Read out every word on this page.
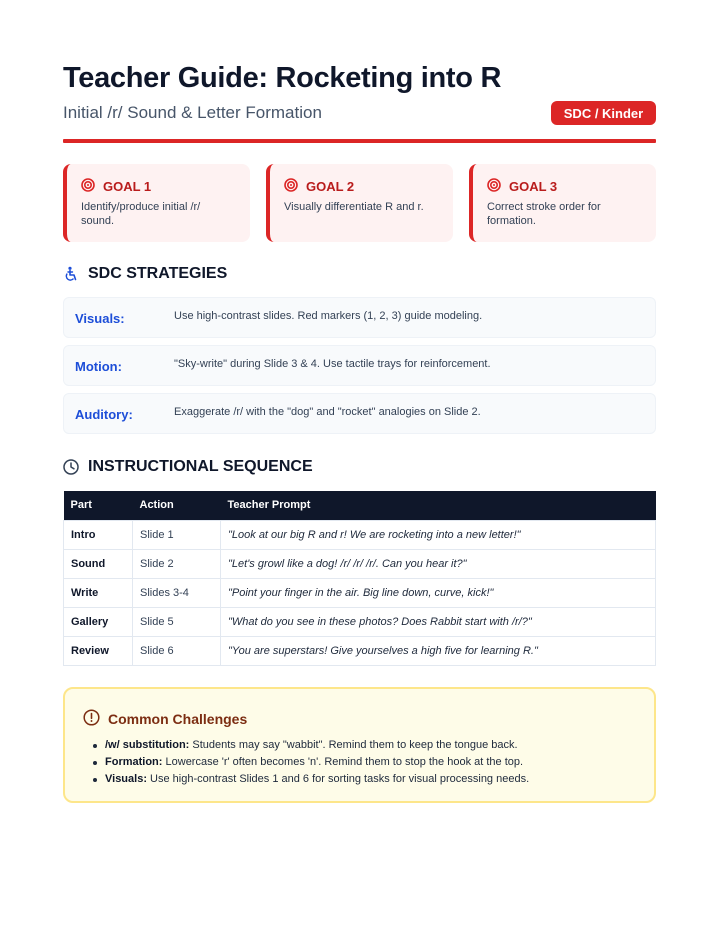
Teacher Guide: Rocketing into R
Initial /r/ Sound & Letter Formation	SDC / Kinder
GOAL 1
Identify/produce initial /r/ sound.
GOAL 2
Visually differentiate R and r.
GOAL 3
Correct stroke order for formation.
SDC STRATEGIES
Visuals:	Use high-contrast slides. Red markers (1, 2, 3) guide modeling.
Motion:	"Sky-write" during Slide 3 & 4. Use tactile trays for reinforcement.
Auditory:	Exaggerate /r/ with the "dog" and "rocket" analogies on Slide 2.
INSTRUCTIONAL SEQUENCE
Part	Action	Teacher Prompt
Intro	Slide 1	"Look at our big R and r! We are rocketing into a new letter!"
Sound	Slide 2	"Let's growl like a dog! /r/ /r/ /r/. Can you hear it?"
Write	Slides 3-4	"Point your finger in the air. Big line down, curve, kick!"
Gallery	Slide 5	"What do you see in these photos? Does Rabbit start with /r/?"
Review	Slide 6	"You are superstars! Give yourselves a high five for learning R."
Common Challenges
/w/ substitution: Students may say "wabbit". Remind them to keep the tongue back.
Formation: Lowercase 'r' often becomes 'n'. Remind them to stop the hook at the top.
Visuals: Use high-contrast Slides 1 and 6 for sorting tasks for visual processing needs.
